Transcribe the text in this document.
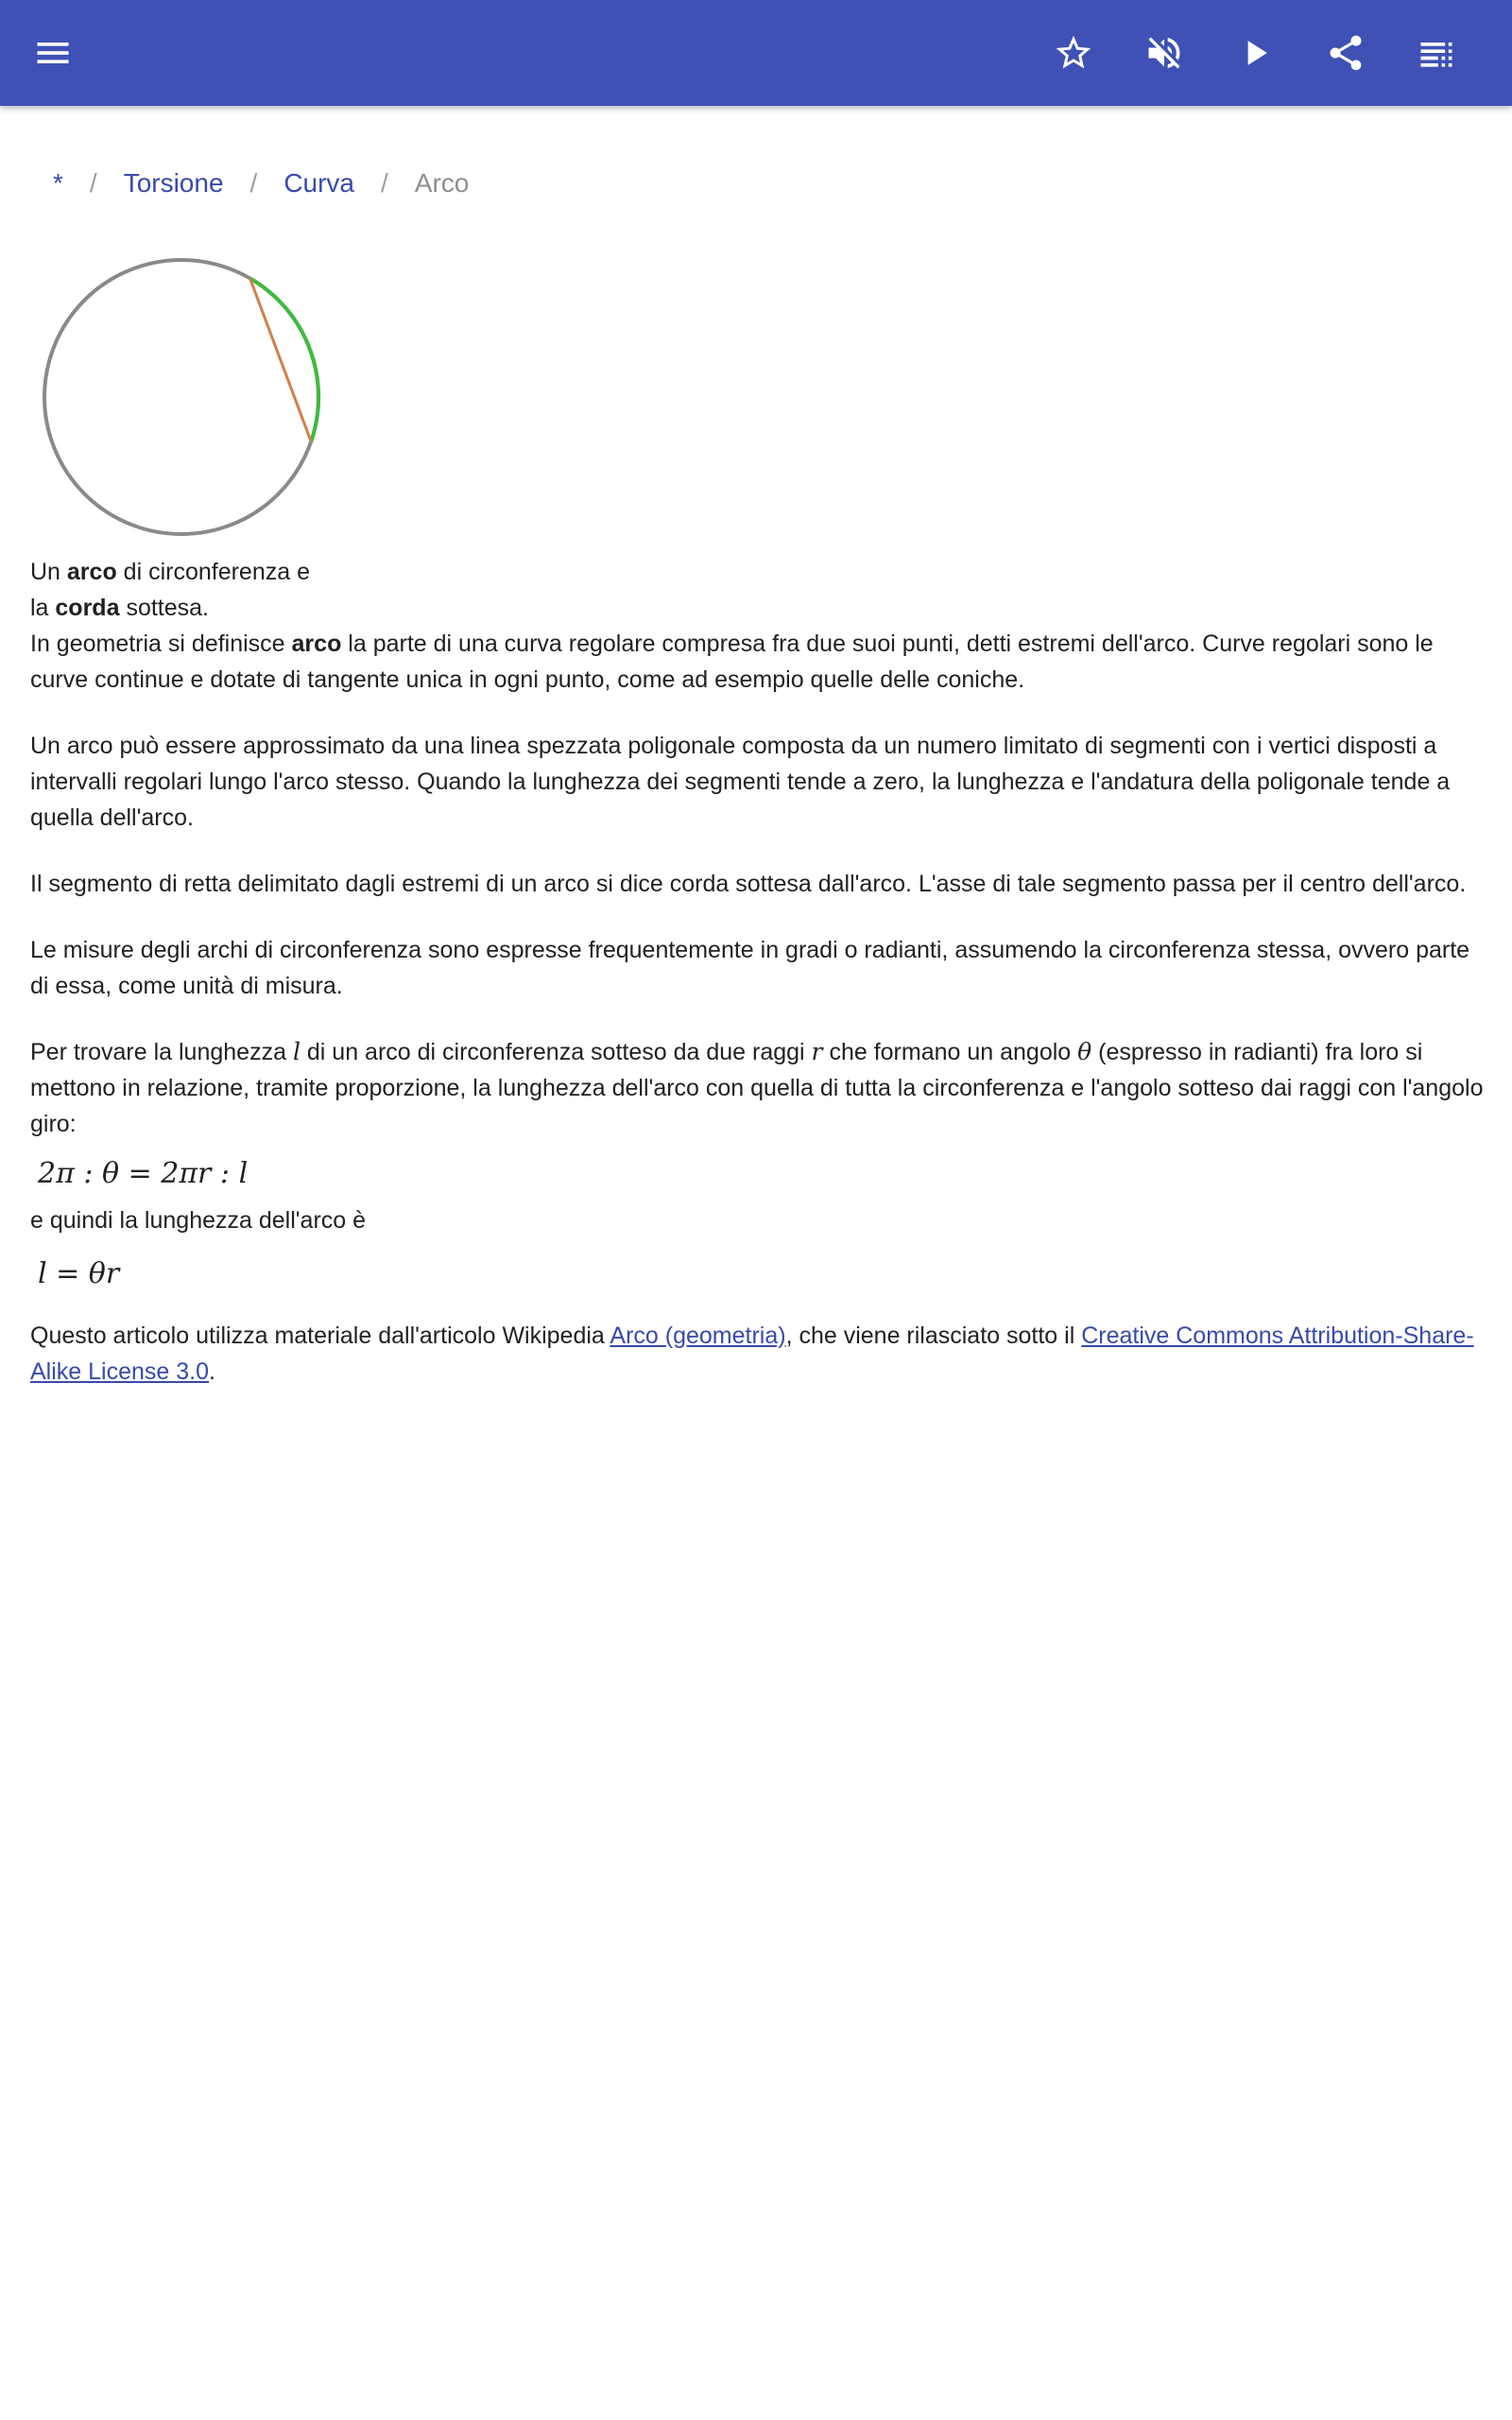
* / Torsione / Curva / Arco
Un arco di circonferenza e
la corda sottesa.

In geometria si definisce arco la parte di una curva regolare compresa fra due suoi punti, detti estremi dell'arco. Curve regolari sono le curve continue e dotate di tangente unica in ogni punto, come ad esempio quelle delle coniche.

Un arco può essere approssimato da una linea spezzata poligonale composta da un numero limitato di segmenti con i vertici disposti a intervalli regolari lungo l'arco stesso. Quando la lunghezza dei segmenti tende a zero, la lunghezza e l'andatura della poligonale tende a quella dell'arco.

Il segmento di retta delimitato dagli estremi di un arco si dice corda sottesa dall'arco. L'asse di tale segmento passa per il centro dell'arco.

Le misure degli archi di circonferenza sono espresse frequentemente in gradi o radianti, assumendo la circonferenza stessa, ovvero parte di essa, come unità di misura.

Per trovare la lunghezza l di un arco di circonferenza sotteso da due raggi r che formano un angolo θ (espresso in radianti) fra loro si mettono in relazione, tramite proporzione, la lunghezza dell'arco con quella di tutta la circonferenza e l'angolo sotteso dai raggi con l'angolo giro:

2π : θ = 2πr : l
e quindi la lunghezza dell'arco è
l = θr

Questo articolo utilizza materiale dall'articolo Wikipedia Arco (geometria), che viene rilasciato sotto il Creative Commons Attribution-Share-Alike License 3.0.
